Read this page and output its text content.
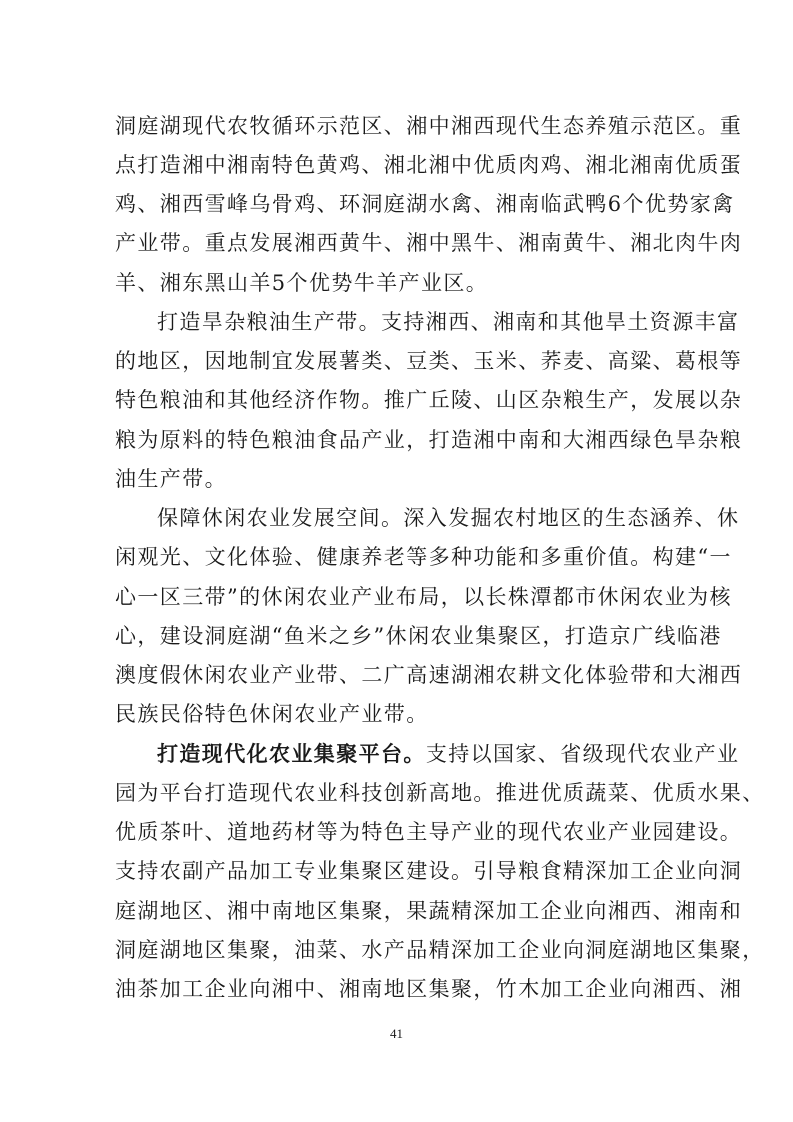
洞庭湖现代农牧循环示范区、湘中湘西现代生态养殖示范区。重
点打造湘中湘南特色黄鸡、湘北湘中优质肉鸡、湘北湘南优质蛋
鸡、湘西雪峰乌骨鸡、环洞庭湖水禽、湘南临武鸭6个优势家禽
产业带。重点发展湘西黄牛、湘中黑牛、湘南黄牛、湘北肉牛肉
羊、湘东黑山羊5个优势牛羊产业区。
打造旱杂粮油生产带。支持湘西、湘南和其他旱土资源丰富
的地区，因地制宜发展薯类、豆类、玉米、荞麦、高粱、葛根等
特色粮油和其他经济作物。推广丘陵、山区杂粮生产，发展以杂
粮为原料的特色粮油食品产业，打造湘中南和大湘西绿色旱杂粮
油生产带。
保障休闲农业发展空间。深入发掘农村地区的生态涵养、休
闲观光、文化体验、健康养老等多种功能和多重价值。构建“一
心一区三带”的休闲农业产业布局，以长株潭都市休闲农业为核
心，建设洞庭湖“鱼米之乡”休闲农业集聚区，打造京广线临港
澳度假休闲农业产业带、二广高速湖湘农耕文化体验带和大湘西
民族民俗特色休闲农业产业带。
打造现代化农业集聚平台。支持以国家、省级现代农业产业
园为平台打造现代农业科技创新高地。推进优质蔬菜、优质水果、
优质茶叶、道地药材等为特色主导产业的现代农业产业园建设。
支持农副产品加工专业集聚区建设。引导粮食精深加工企业向洞
庭湖地区、湘中南地区集聚，果蔬精深加工企业向湘西、湘南和
洞庭湖地区集聚，油菜、水产品精深加工企业向洞庭湖地区集聚，
油茶加工企业向湘中、湘南地区集聚，竹木加工企业向湘西、湘
41
